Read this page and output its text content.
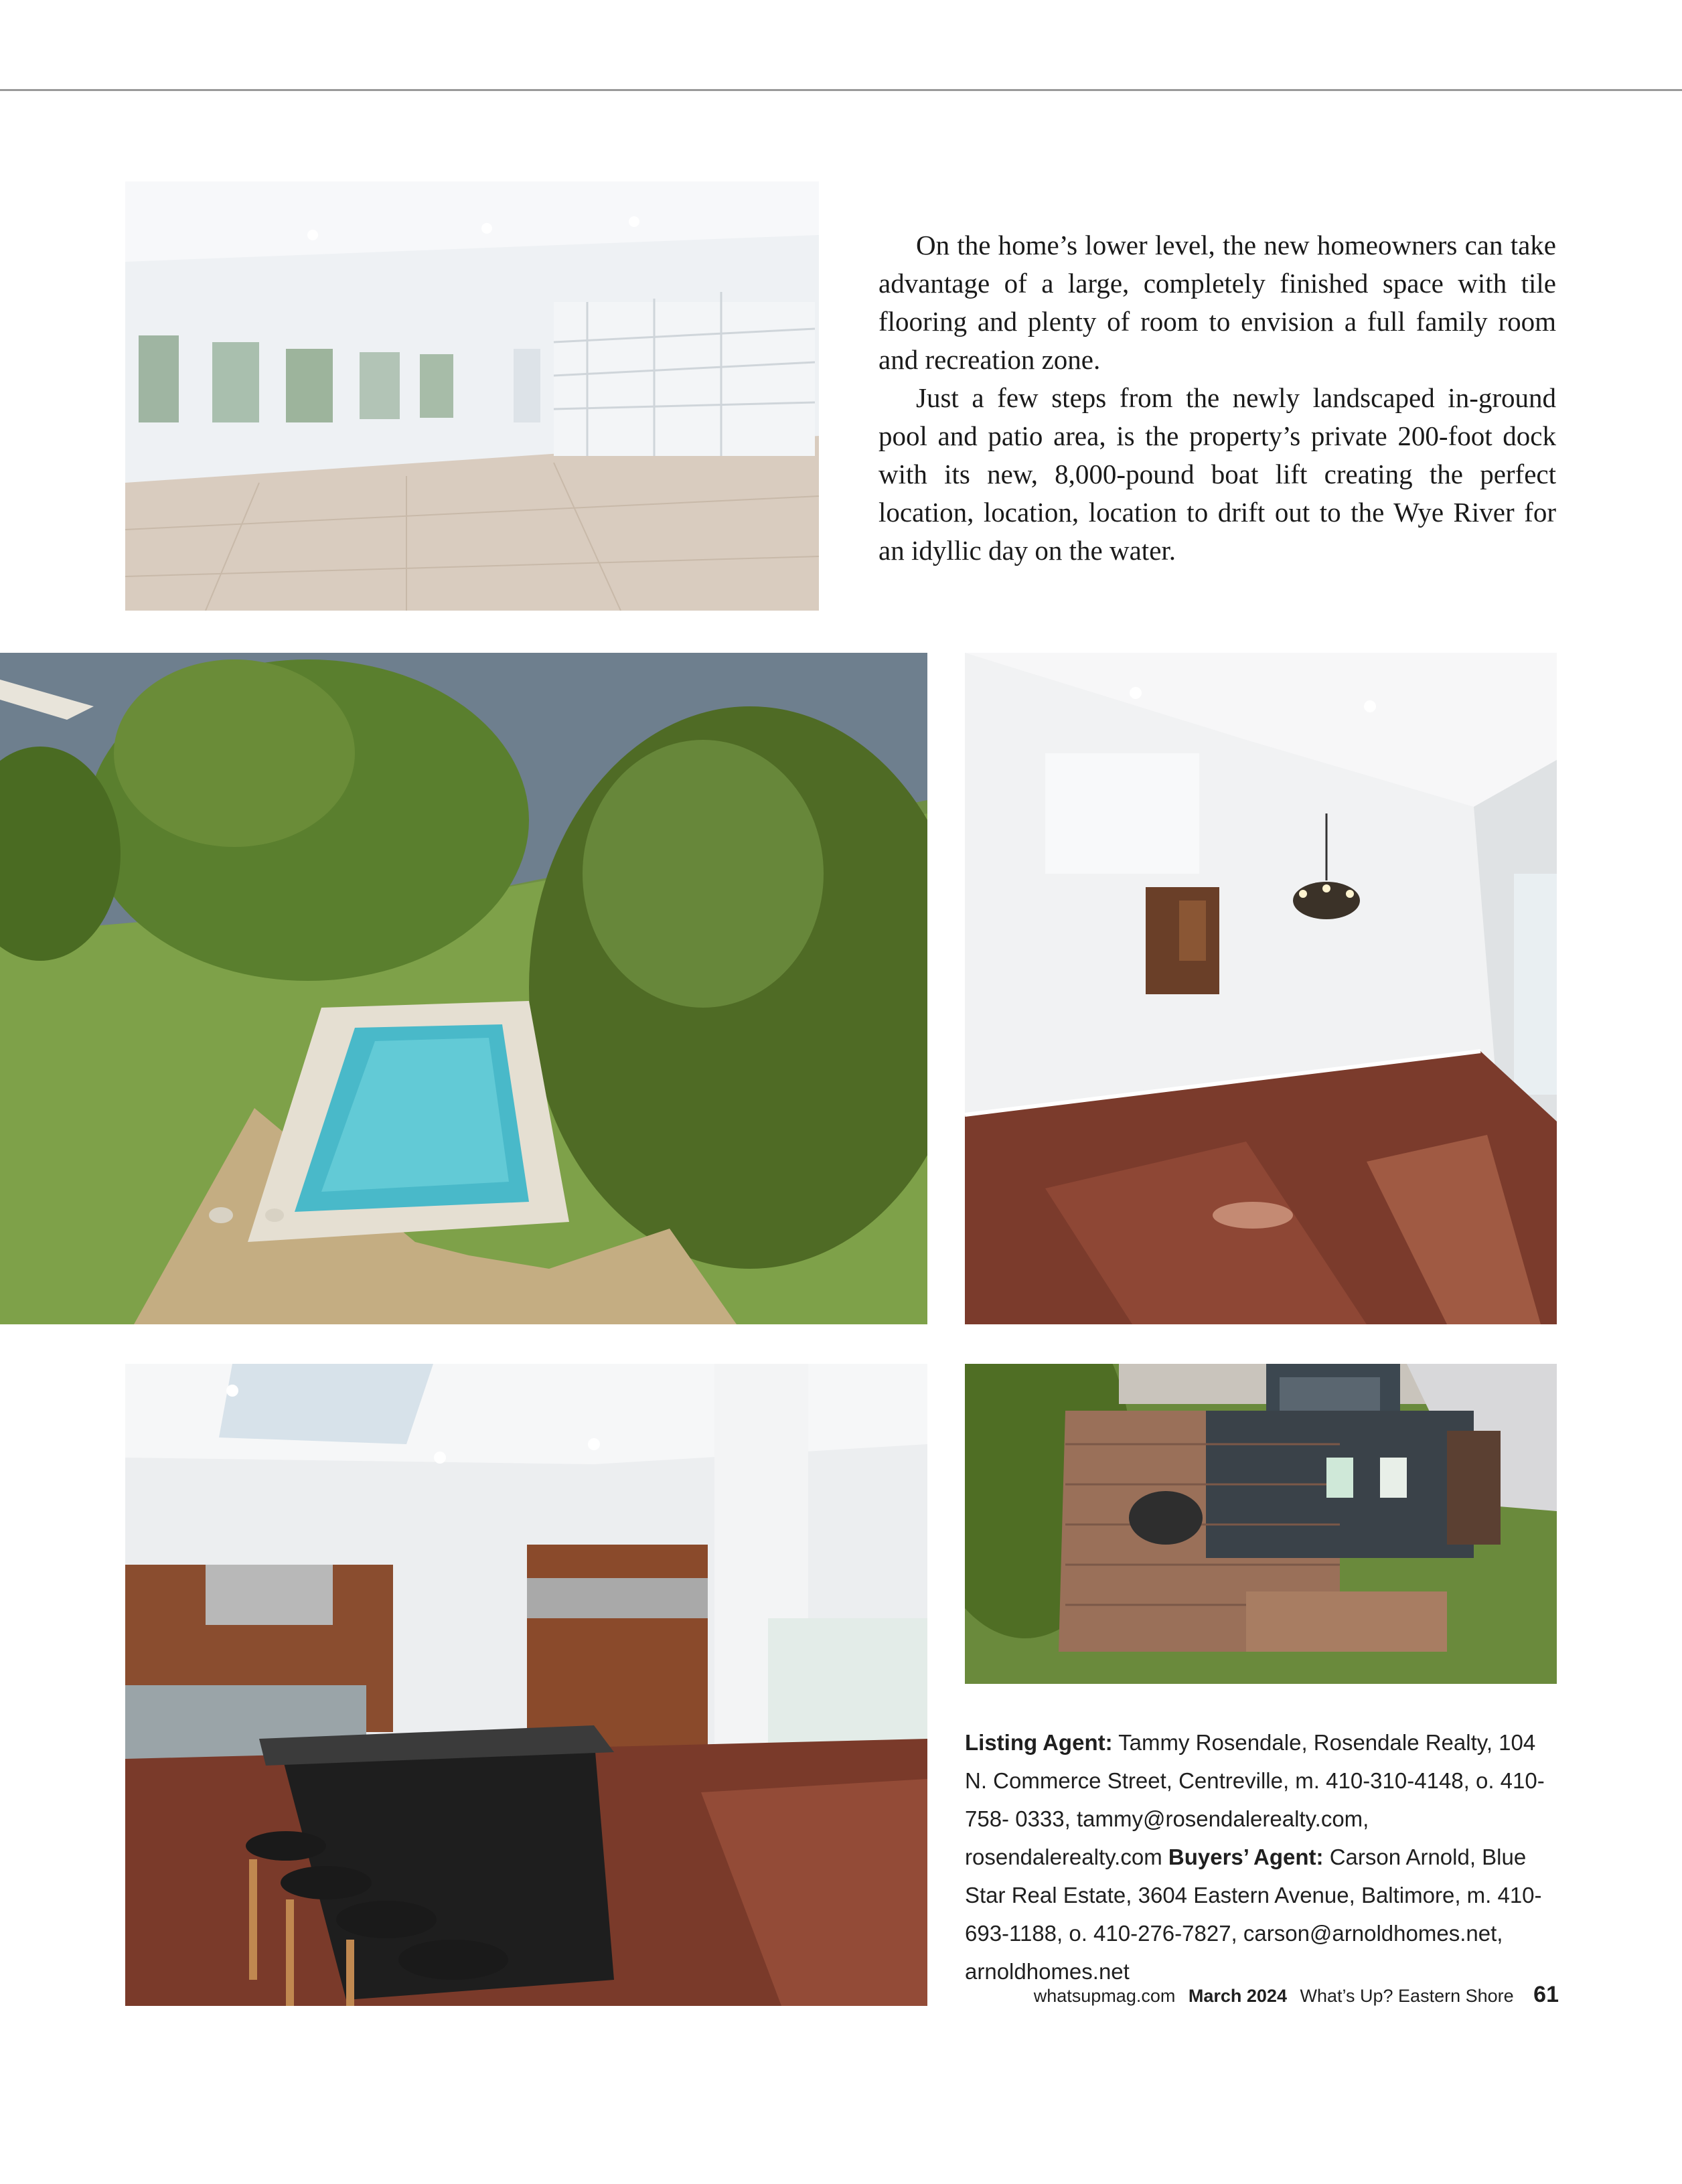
On the home’s lower level, the new homeowners can take advantage of a large, completely finished space with tile flooring and plenty of room to envision a full family room and recreation zone.

Just a few steps from the newly landscaped in-ground pool and patio area, is the property’s private 200-foot dock with its new, 8,000-pound boat lift creating the perfect location, location, location to drift out to the Wye River for an idyllic day on the water.

Listing Agent: Tammy Rosendale, Rosendale Realty, 104 N. Commerce Street, Centreville, m. 410-310-4148, o. 410-758- 0333, tammy@rosendalerealty.com, rosendalerealty.com Buyers’ Agent: Carson Arnold, Blue Star Real Estate, 3604 Eastern Avenue, Baltimore, m. 410-693-1188, o. 410-276-7827, carson@arnoldhomes.net, arnoldhomes.net
whatsupmag.com March 2024 What’s Up? Eastern Shore 61
